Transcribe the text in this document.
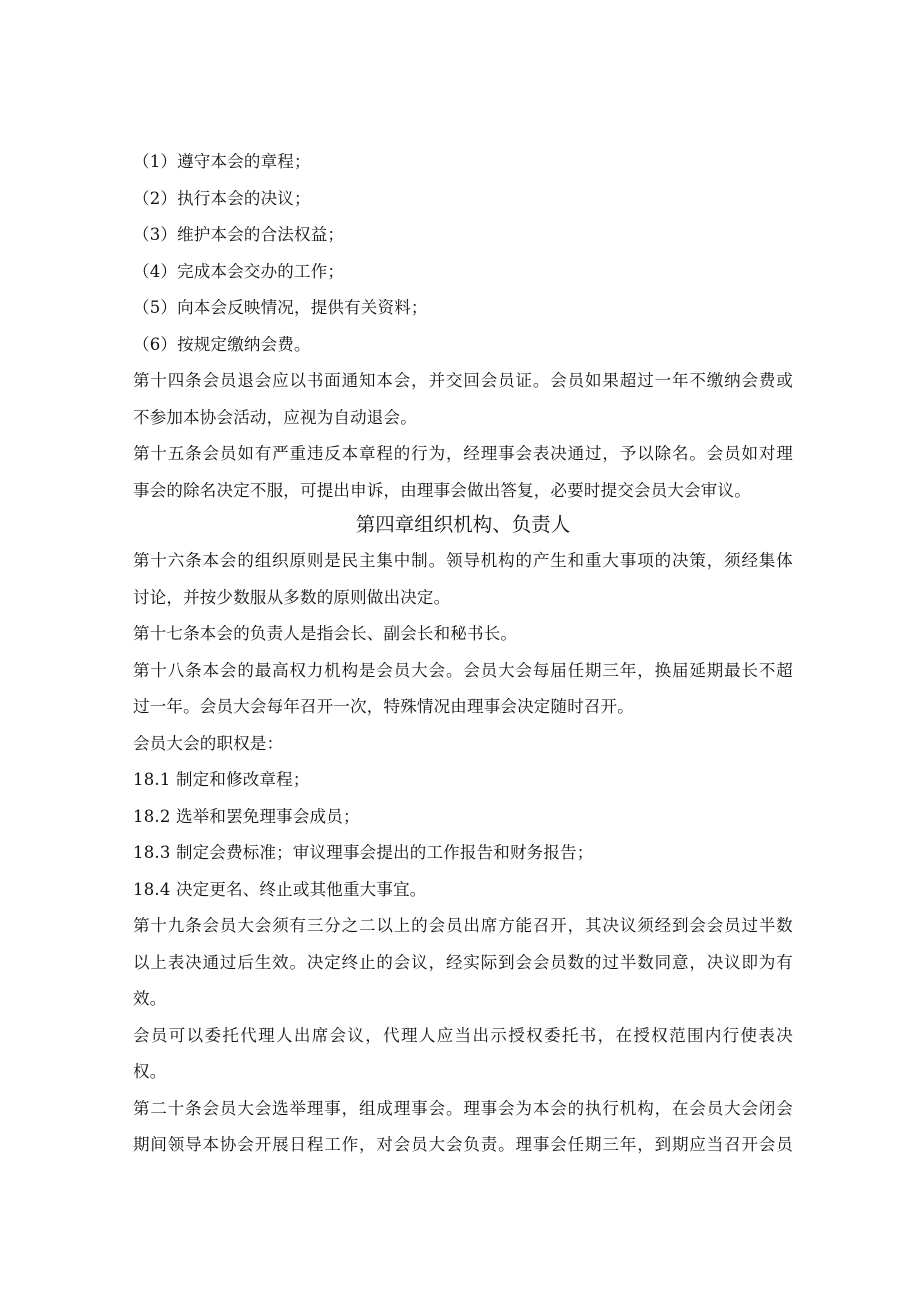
（1）遵守本会的章程；
（2）执行本会的决议；
（3）维护本会的合法权益；
（4）完成本会交办的工作；
（5）向本会反映情况，提供有关资料；
（6）按规定缴纳会费。
第十四条会员退会应以书面通知本会，并交回会员证。会员如果超过一年不缴纳会费或
不参加本协会活动，应视为自动退会。
第十五条会员如有严重违反本章程的行为，经理事会表决通过，予以除名。会员如对理
事会的除名决定不服，可提出申诉，由理事会做出答复，必要时提交会员大会审议。
第四章组织机构、负责人
第十六条本会的组织原则是民主集中制。领导机构的产生和重大事项的决策，须经集体
讨论，并按少数服从多数的原则做出决定。
第十七条本会的负责人是指会长、副会长和秘书长。
第十八条本会的最高权力机构是会员大会。会员大会每届任期三年，换届延期最长不超
过一年。会员大会每年召开一次，特殊情况由理事会决定随时召开。
会员大会的职权是：
18.1 制定和修改章程；
18.2 选举和罢免理事会成员；
18.3 制定会费标准；审议理事会提出的工作报告和财务报告；
18.4 决定更名、终止或其他重大事宜。
第十九条会员大会须有三分之二以上的会员出席方能召开，其决议须经到会会员过半数
以上表决通过后生效。决定终止的会议，经实际到会会员数的过半数同意，决议即为有
效。
会员可以委托代理人出席会议，代理人应当出示授权委托书，在授权范围内行使表决
权。
第二十条会员大会选举理事，组成理事会。理事会为本会的执行机构，在会员大会闭会
期间领导本协会开展日程工作，对会员大会负责。理事会任期三年，到期应当召开会员
